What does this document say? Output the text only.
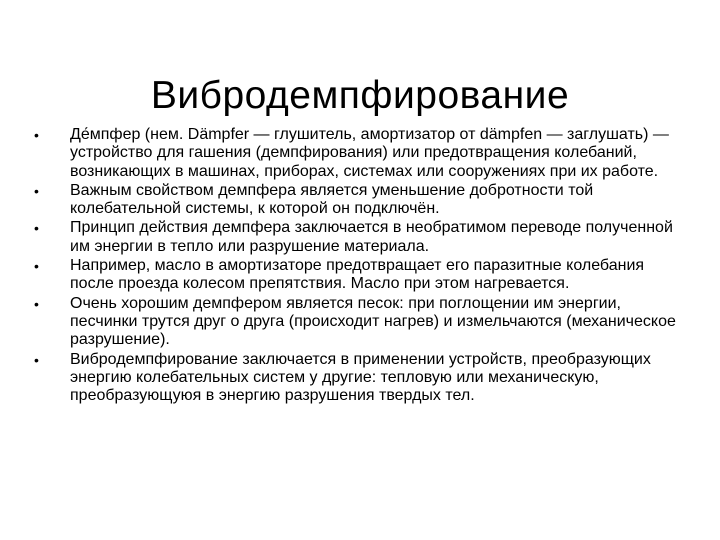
Вибродемпфирование
•	Де́мпфер (нем. Dämpfer — глушитель, амортизатор от dämpfen — заглушать) — устройство для гашения (демпфирования) или предотвращения колебаний, возникающих в машинах, приборах, системах или сооружениях при их работе.
•	Важным свойством демпфера является уменьшение добротности той колебательной системы, к которой он подключён.
•	Принцип действия демпфера заключается в необратимом переводе полученной им энергии в тепло или разрушение материала.
•	Например, масло в амортизаторе предотвращает его паразитные колебания после проезда колесом препятствия. Масло при этом нагревается.
•	Очень хорошим демпфером является песок: при поглощении им энергии, песчинки трутся друг о друга (происходит нагрев) и измельчаются (механическое разрушение).
•	Вибродемпфирование заключается в применении устройств, преобразующих энергию колебательных систем у другие: тепловую или механическую, преобразующуюя в энергию разрушения твердых тел.
